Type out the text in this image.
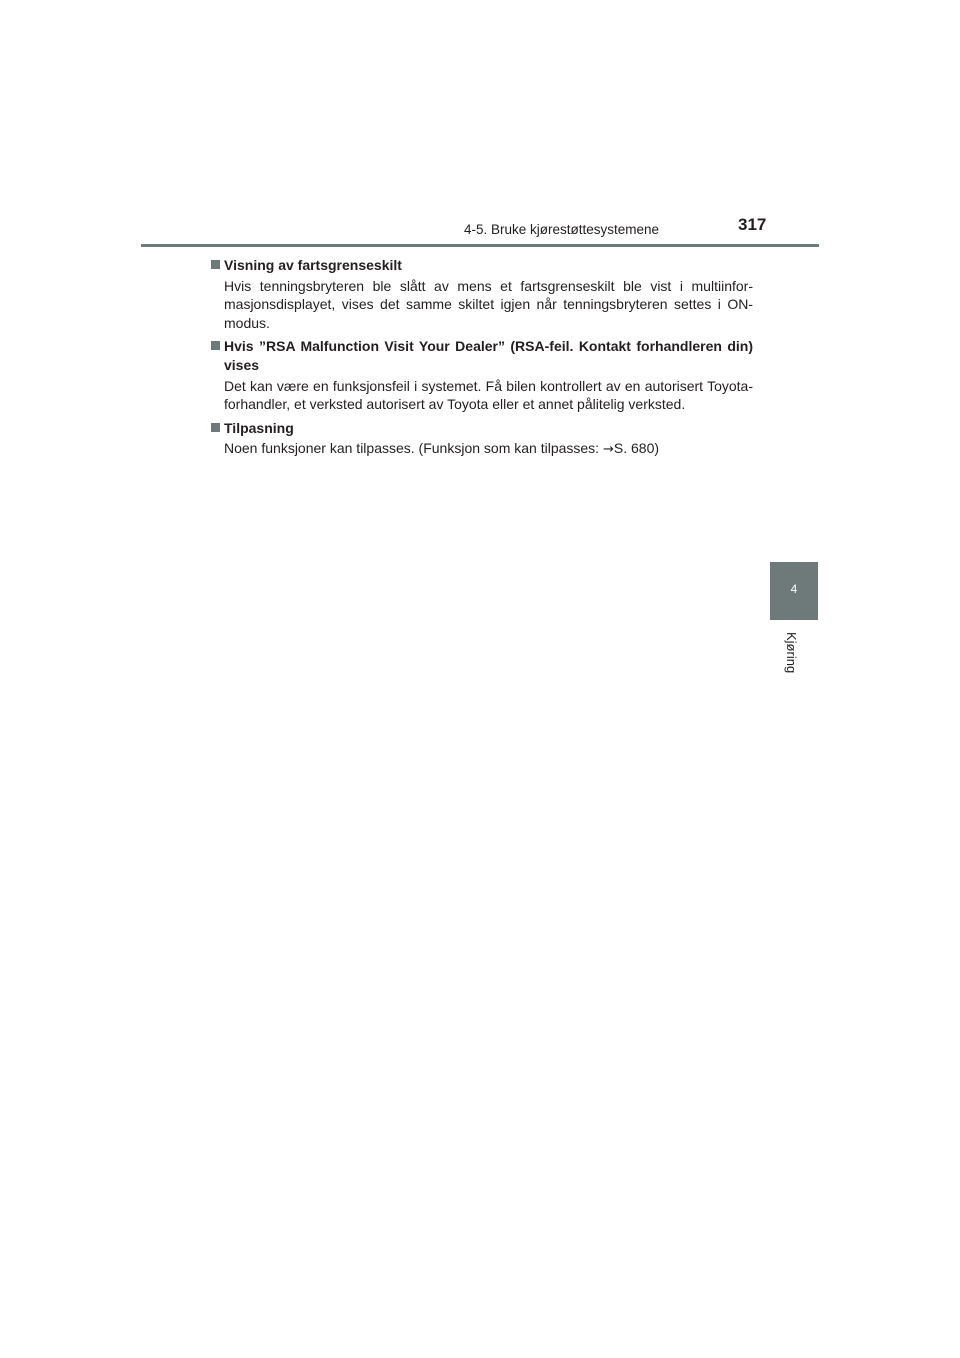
4-5. Bruke kjørestøttesystemene	317
4
Kjøring
Visning av fartsgrenseskilt
Hvis tenningsbryteren ble slått av mens et fartsgrenseskilt ble vist i multiinformasjonsdisplayet, vises det samme skiltet igjen når tenningsbryteren settes i ON-modus.
Hvis ”RSA Malfunction Visit Your Dealer” (RSA-feil. Kontakt forhandleren din) vises
Det kan være en funksjonsfeil i systemet. Få bilen kontrollert av en autorisert Toyota-forhandler, et verksted autorisert av Toyota eller et annet pålitelig verksted.
Tilpasning
Noen funksjoner kan tilpasses. (Funksjon som kan tilpasses: →S. 680)
